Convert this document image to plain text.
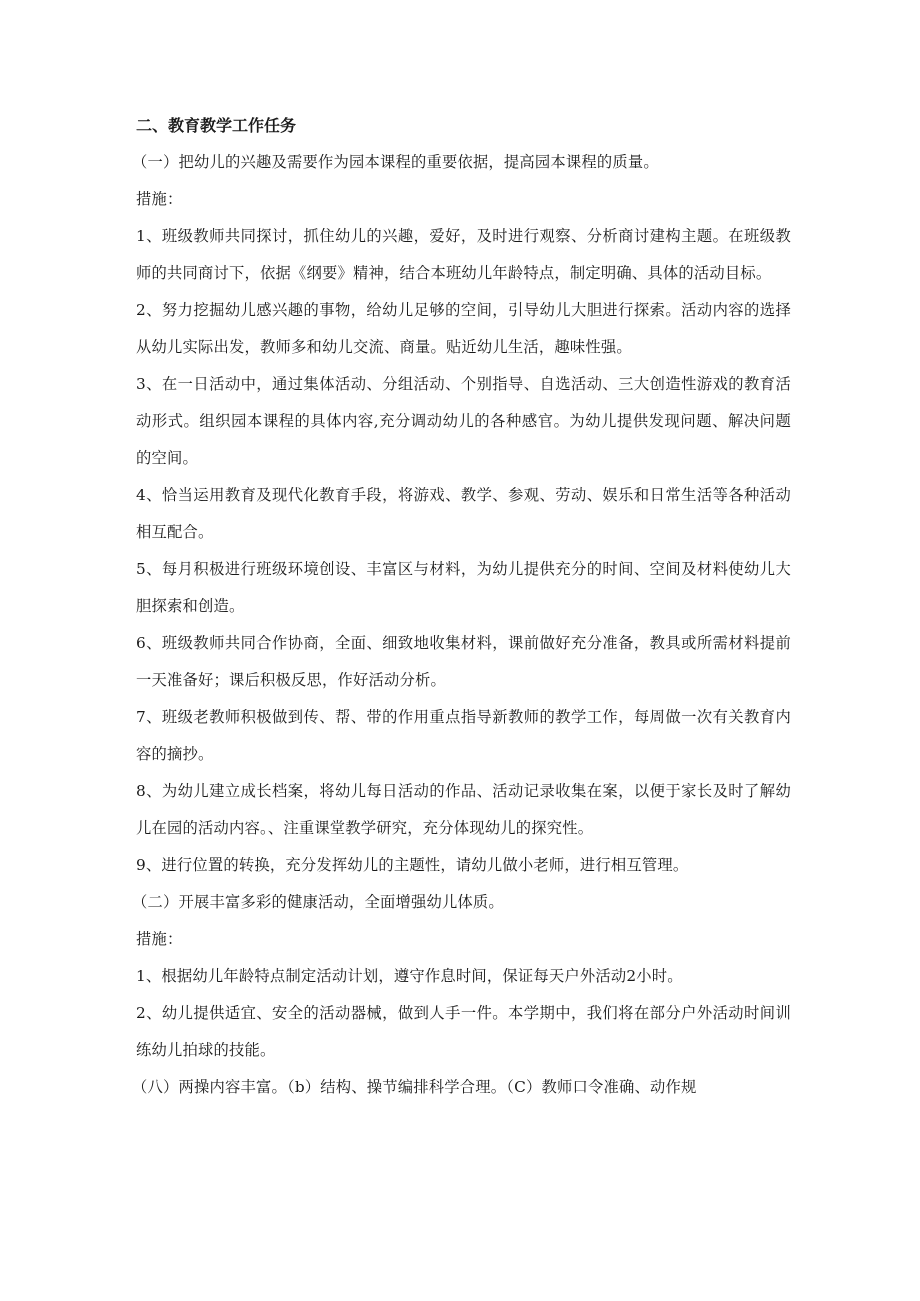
二、教育教学工作任务

（一）把幼儿的兴趣及需要作为园本课程的重要依据，提高园本课程的质量。

措施：

1、班级教师共同探讨，抓住幼儿的兴趣，爱好，及时进行观察、分析商讨建构主题。在班级教师的共同商讨下，依据《纲要》精神，结合本班幼儿年龄特点，制定明确、具体的活动目标。

2、努力挖掘幼儿感兴趣的事物，给幼儿足够的空间，引导幼儿大胆进行探索。活动内容的选择从幼儿实际出发，教师多和幼儿交流、商量。贴近幼儿生活，趣味性强。

3、在一日活动中，通过集体活动、分组活动、个别指导、自选活动、三大创造性游戏的教育活动形式。组织园本课程的具体内容,充分调动幼儿的各种感官。为幼儿提供发现问题、解决问题的空间。

4、恰当运用教育及现代化教育手段，将游戏、教学、参观、劳动、娱乐和日常生活等各种活动相互配合。

5、每月积极进行班级环境创设、丰富区与材料，为幼儿提供充分的时间、空间及材料使幼儿大胆探索和创造。

6、班级教师共同合作协商，全面、细致地收集材料，课前做好充分准备，教具或所需材料提前一天准备好；课后积极反思，作好活动分析。

7、班级老教师积极做到传、帮、带的作用重点指导新教师的教学工作，每周做一次有关教育内容的摘抄。

8、为幼儿建立成长档案，将幼儿每日活动的作品、活动记录收集在案，以便于家长及时了解幼儿在园的活动内容。、注重课堂教学研究，充分体现幼儿的探究性。

9、进行位置的转换，充分发挥幼儿的主题性，请幼儿做小老师，进行相互管理。

（二）开展丰富多彩的健康活动，全面增强幼儿体质。

措施：

1、根据幼儿年龄特点制定活动计划，遵守作息时间，保证每天户外活动2小时。

2、幼儿提供适宜、安全的活动器械，做到人手一件。本学期中，我们将在部分户外活动时间训练幼儿拍球的技能。

（八）两操内容丰富。（b）结构、操节编排科学合理。（C）教师口令准确、动作规
